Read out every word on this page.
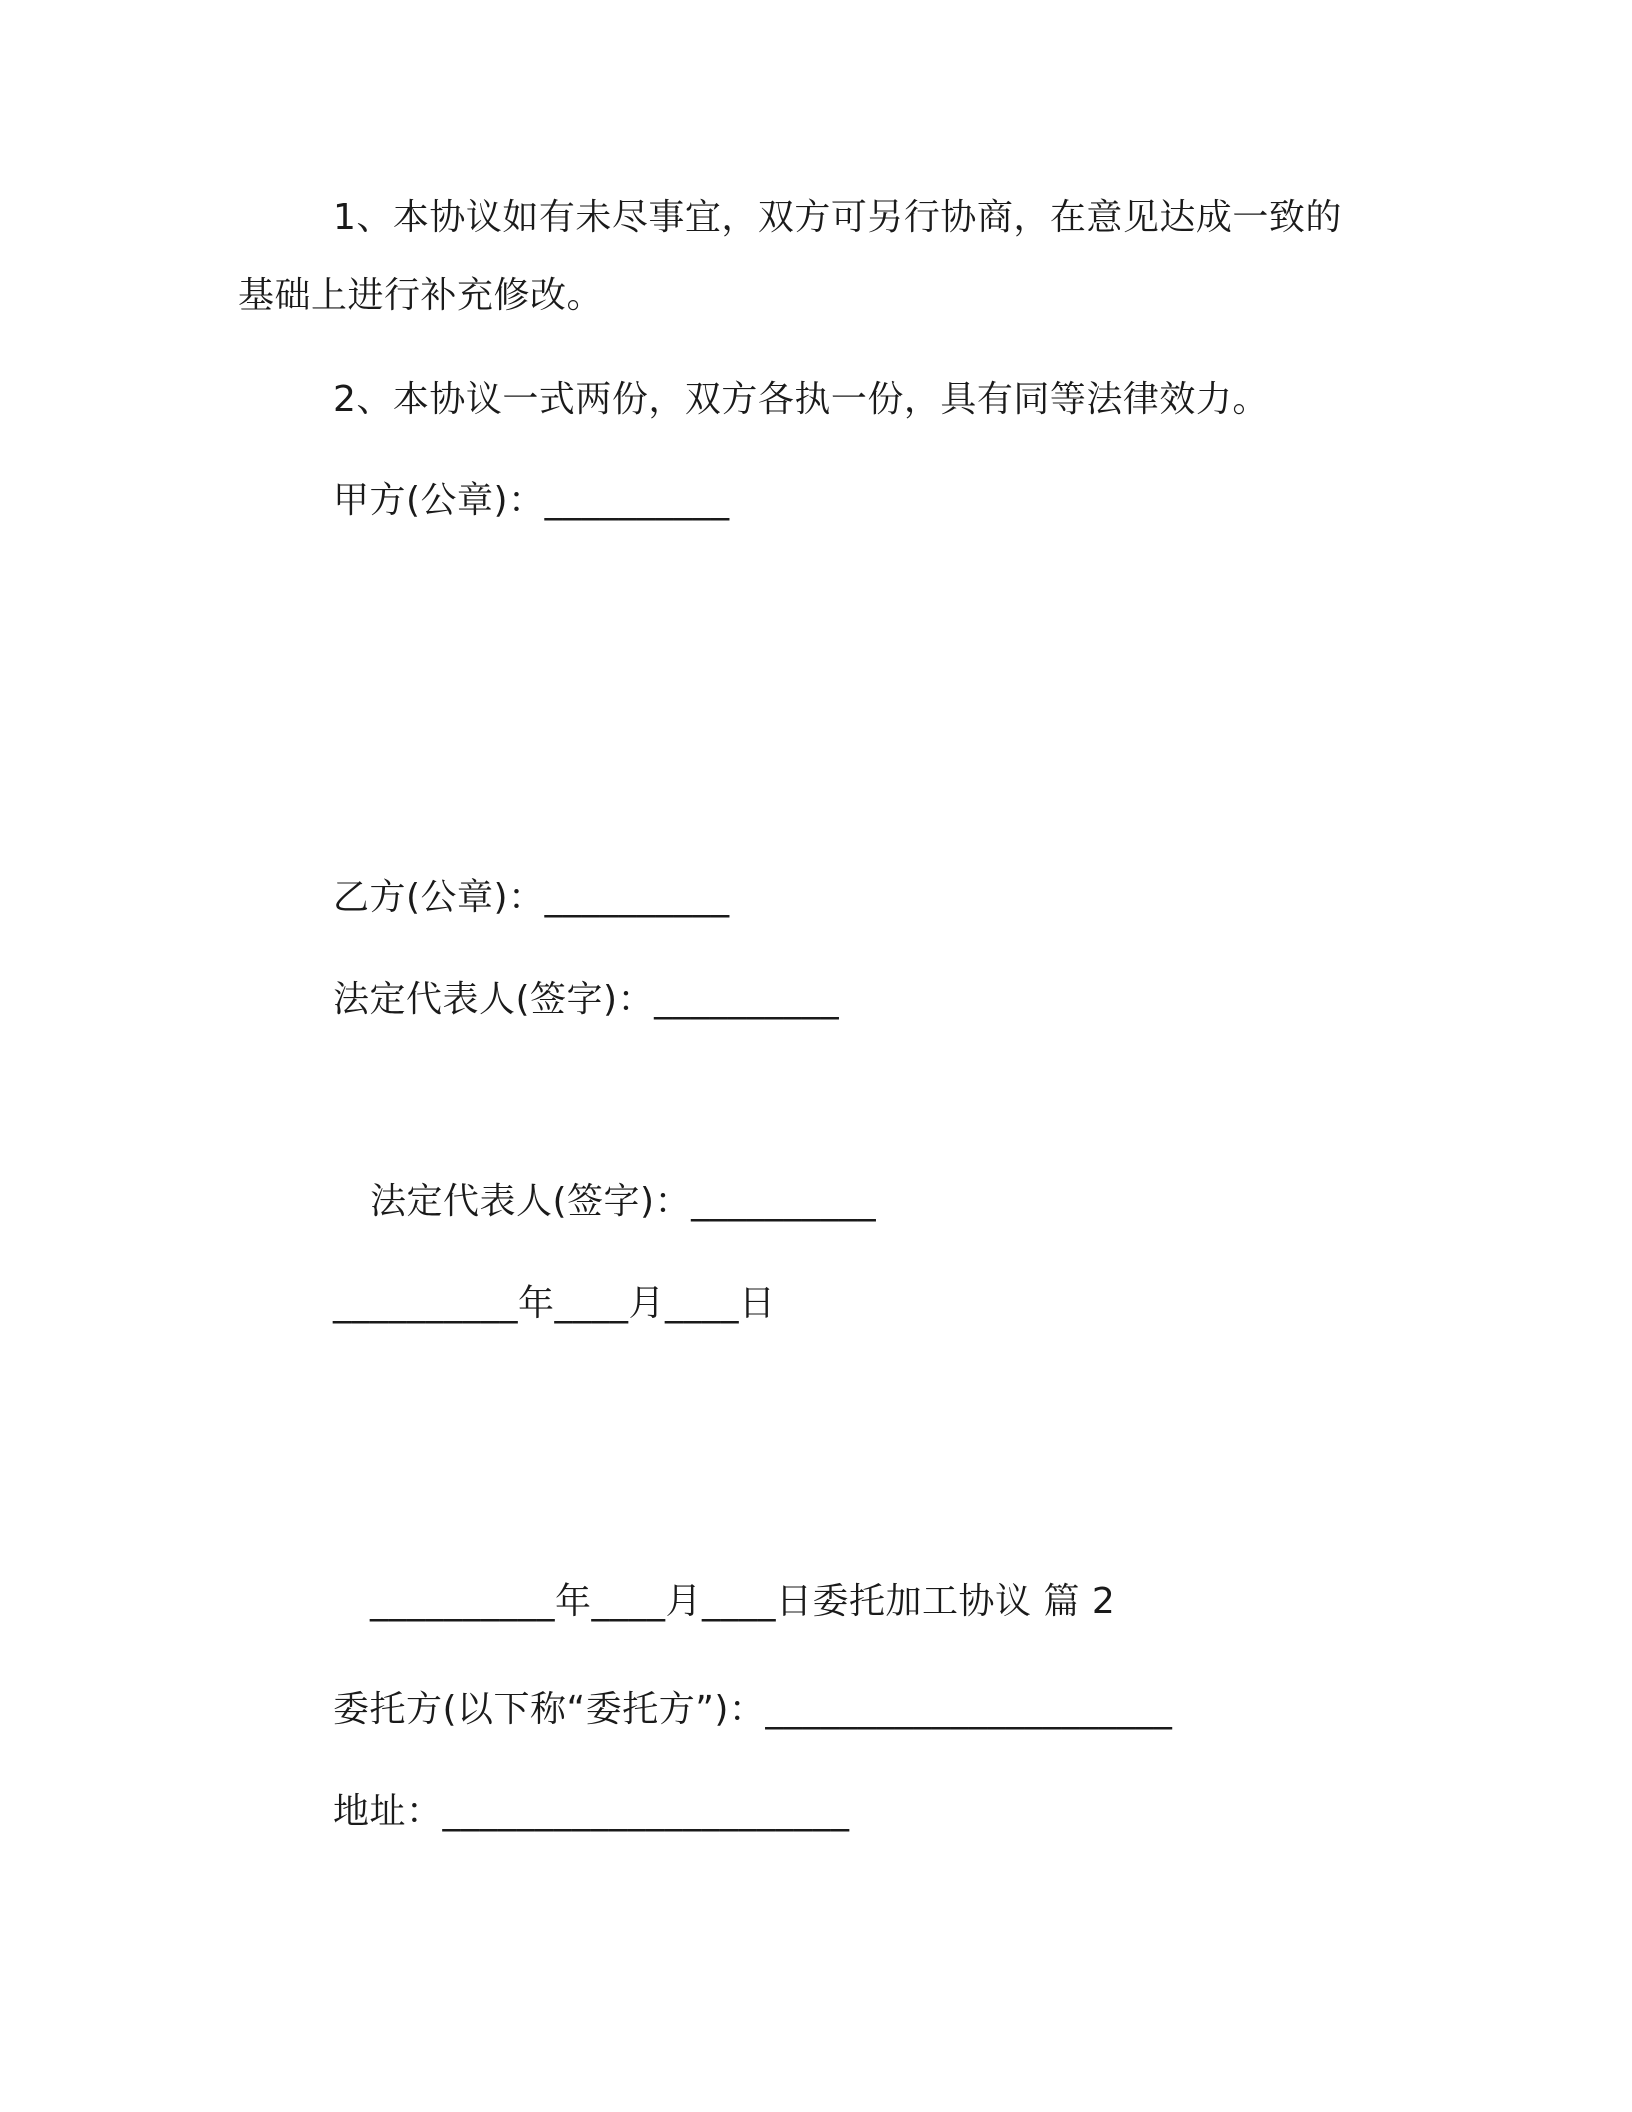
1、本协议如有未尽事宜，双方可另行协商，在意见达成一致的
基础上进行补充修改。
2、本协议一式两份，双方各执一份，具有同等法律效力。
甲方(公章)：__________
乙方(公章)：__________
法定代表人(签字)：__________
法定代表人(签字)：__________
__________年____月____日
__________年____月____日委托加工协议 篇 2
委托方(以下称“委托方”)：______________________
地址：______________________
